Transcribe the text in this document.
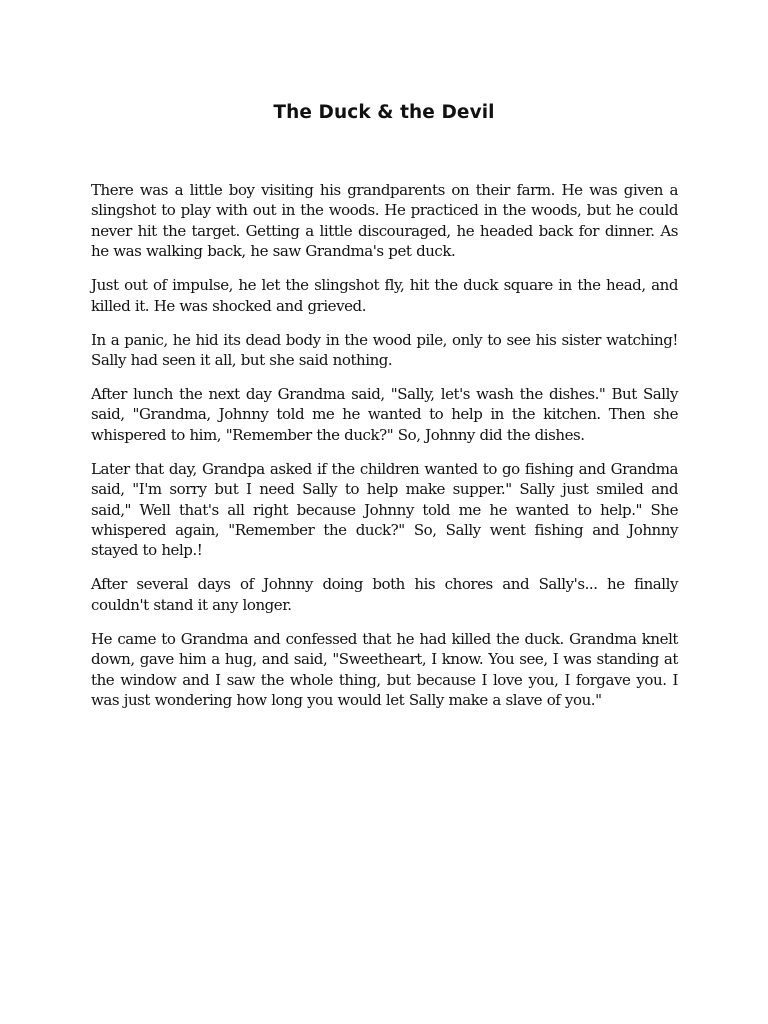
The Duck & the Devil

There was a little boy visiting his grandparents on their farm. He was given a slingshot to play with out in the woods. He practiced in the woods, but he could never hit the target. Getting a little discouraged, he headed back for dinner. As he was walking back, he saw Grandma's pet duck.

Just out of impulse, he let the slingshot fly, hit the duck square in the head, and killed it. He was shocked and grieved.

In a panic, he hid its dead body in the wood pile, only to see his sister watching! Sally had seen it all, but she said nothing.

After lunch the next day Grandma said, "Sally, let's wash the dishes." But Sally said, "Grandma, Johnny told me he wanted to help in the kitchen. Then she whispered to him, "Remember the duck?" So, Johnny did the dishes.

Later that day, Grandpa asked if the children wanted to go fishing and Grandma said, "I'm sorry but I need Sally to help make supper." Sally just smiled and said," Well that's all right because Johnny told me he wanted to help." She whispered again, "Remember the duck?" So, Sally went fishing and Johnny stayed to help.!

After several days of Johnny doing both his chores and Sally's... he finally couldn't stand it any longer.

He came to Grandma and confessed that he had killed the duck. Grandma knelt down, gave him a hug, and said, "Sweetheart, I know. You see, I was standing at the window and I saw the whole thing, but because I love you, I forgave you. I was just wondering how long you would let Sally make a slave of you."
